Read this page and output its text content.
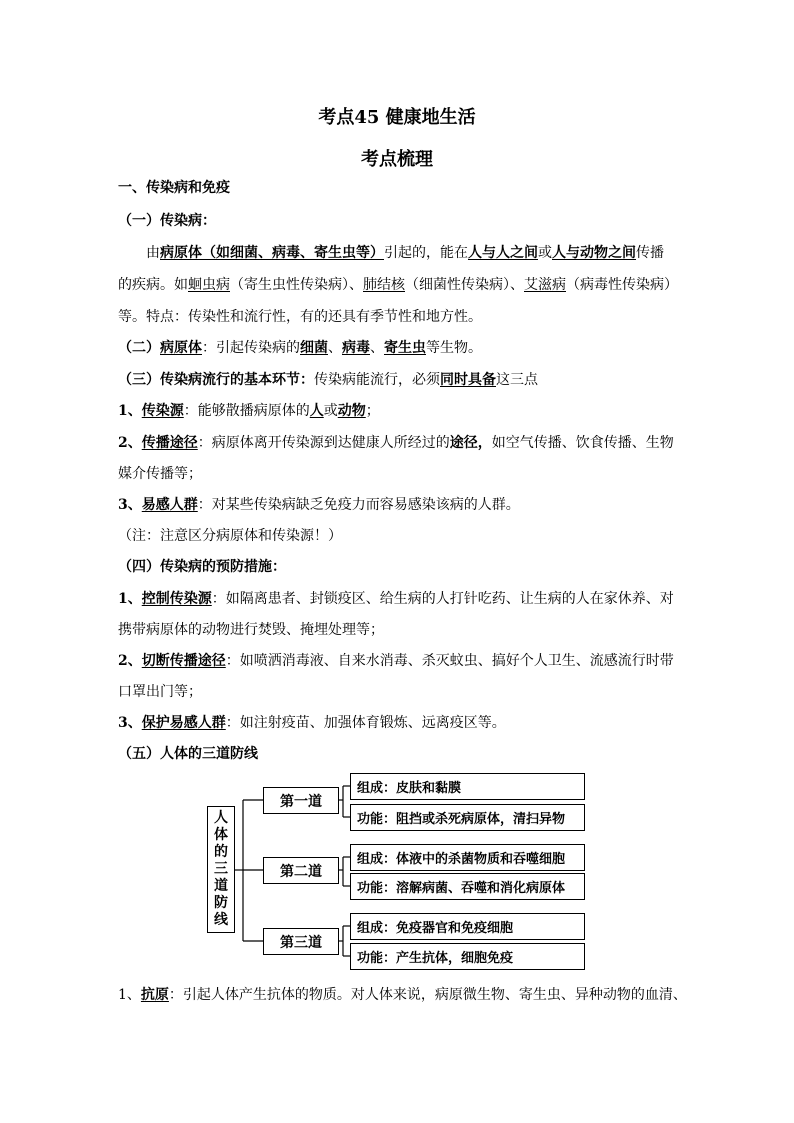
考点45 健康地生活
考点梳理
一、传染病和免疫
（一）传染病：
由病原体（如细菌、病毒、寄生虫等）引起的，能在人与人之间或人与动物之间传播
的疾病。如蛔虫病（寄生虫性传染病）、肺结核（细菌性传染病）、艾滋病（病毒性传染病）
等。特点：传染性和流行性，有的还具有季节性和地方性。
（二）病原体：引起传染病的细菌、病毒、寄生虫等生物。
（三）传染病流行的基本环节：传染病能流行，必须同时具备这三点
1、传染源：能够散播病原体的人或动物；
2、传播途径：病原体离开传染源到达健康人所经过的途径，如空气传播、饮食传播、生物
媒介传播等；
3、易感人群：对某些传染病缺乏免疫力而容易感染该病的人群。
（注：注意区分病原体和传染源！）
（四）传染病的预防措施：
1、控制传染源：如隔离患者、封锁疫区、给生病的人打针吃药、让生病的人在家休养、对
携带病原体的动物进行焚毁、掩埋处理等；
2、切断传播途径：如喷洒消毒液、自来水消毒、杀灭蚊虫、搞好个人卫生、流感流行时带
口罩出门等；
3、保护易感人群：如注射疫苗、加强体育锻炼、远离疫区等。
（五）人体的三道防线
人
体
的
三
道
防
线
第一道
第二道
第三道
组成：皮肤和黏膜
功能：阻挡或杀死病原体，清扫异物
组成：体液中的杀菌物质和吞噬细胞
功能：溶解病菌、吞噬和消化病原体
组成：免疫器官和免疫细胞
功能：产生抗体，细胞免疫
1、抗原：引起人体产生抗体的物质。对人体来说，病原微生物、寄生虫、异种动物的血清、
